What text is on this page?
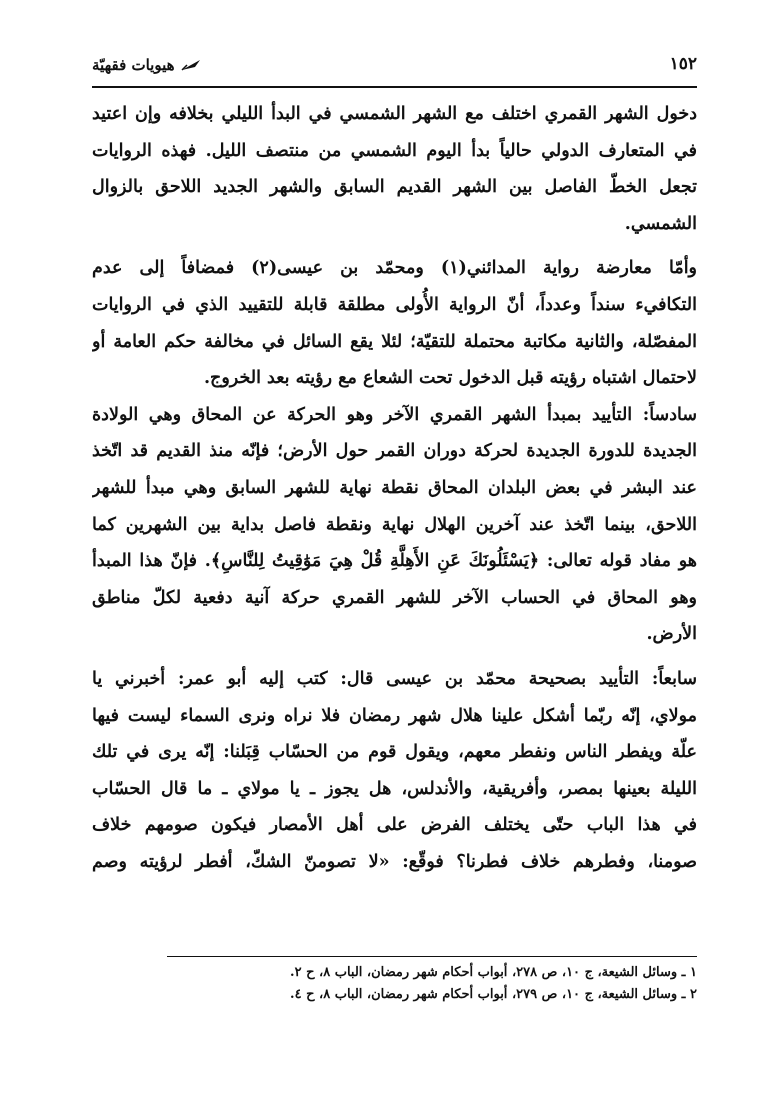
١٥٢
هيويات فقهيّة
دخول الشهر القمري اختلف مع الشهر الشمسي في البدأ الليلي بخلافه وإن اعتيد
في المتعارف الدولي حالياً بدأ اليوم الشمسي من منتصف الليل. فهذه الروايات
تجعل الخطّ الفاصل بين الشهر القديم السابق والشهر الجديد اللاحق بالزوال
الشمسي.
وأمّا معارضة رواية المدائني(١) ومحمّد بن عيسى(٢) فمضافاً إلى عدم
التكافيء سنداً وعدداً، أنّ الرواية الأُولى مطلقة قابلة للتقييد الذي في الروايات
المفصّلة، والثانية مكاتبة محتملة للتقيّة؛ لئلا يقع السائل في مخالفة حكم العامة أو
لاحتمال اشتباه رؤيته قبل الدخول تحت الشعاع مع رؤيته بعد الخروج.
سادساً: التأييد بمبدأ الشهر القمري الآخر وهو الحركة عن المحاق وهي الولادة
الجديدة للدورة الجديدة لحركة دوران القمر حول الأرض؛ فإنّه منذ القديم قد اتّخذ
عند البشر في بعض البلدان المحاق نقطة نهاية للشهر السابق وهي مبدأ للشهر
اللاحق، بينما اتّخذ عند آخرين الهلال نهاية ونقطة فاصل بداية بين الشهرين كما
هو مفاد قوله تعالى: ﴿يَسْئَلُونَكَ عَنِ الأَهِلَّةِ قُلْ هِيَ مَوَٰقِيتُ لِلنَّاسِ﴾. فإنّ هذا المبدأ
وهو المحاق في الحساب الآخر للشهر القمري حركة آنية دفعية لكلّ مناطق
الأرض.
سابعاً: التأييد بصحيحة محمّد بن عيسى قال: كتب إليه أبو عمر: أخبرني يا
مولاي، إنّه ربّما أشكل علينا هلال شهر رمضان فلا نراه ونرى السماء ليست فيها
علّة ويفطر الناس ونفطر معهم، ويقول قوم من الحسّاب قِبَلنا: إنّه يرى في تلك
الليلة بعينها بمصر، وأفريقية، والأندلس، هل يجوز ـ يا مولاي ـ ما قال الحسّاب
في هذا الباب حتّى يختلف الفرض على أهل الأمصار فيكون صومهم خلاف
صومنا، وفطرهم خلاف فطرنا؟ فوقّع: «لا تصومنّ الشكّ، أفطر لرؤيته وصم
١ ـ وسائل الشيعة، ج ١٠، ص ٢٧٨، أبواب أحكام شهر رمضان، الباب ٨، ح ٢.
٢ ـ وسائل الشيعة، ج ١٠، ص ٢٧٩، أبواب أحكام شهر رمضان، الباب ٨، ح ٤.
